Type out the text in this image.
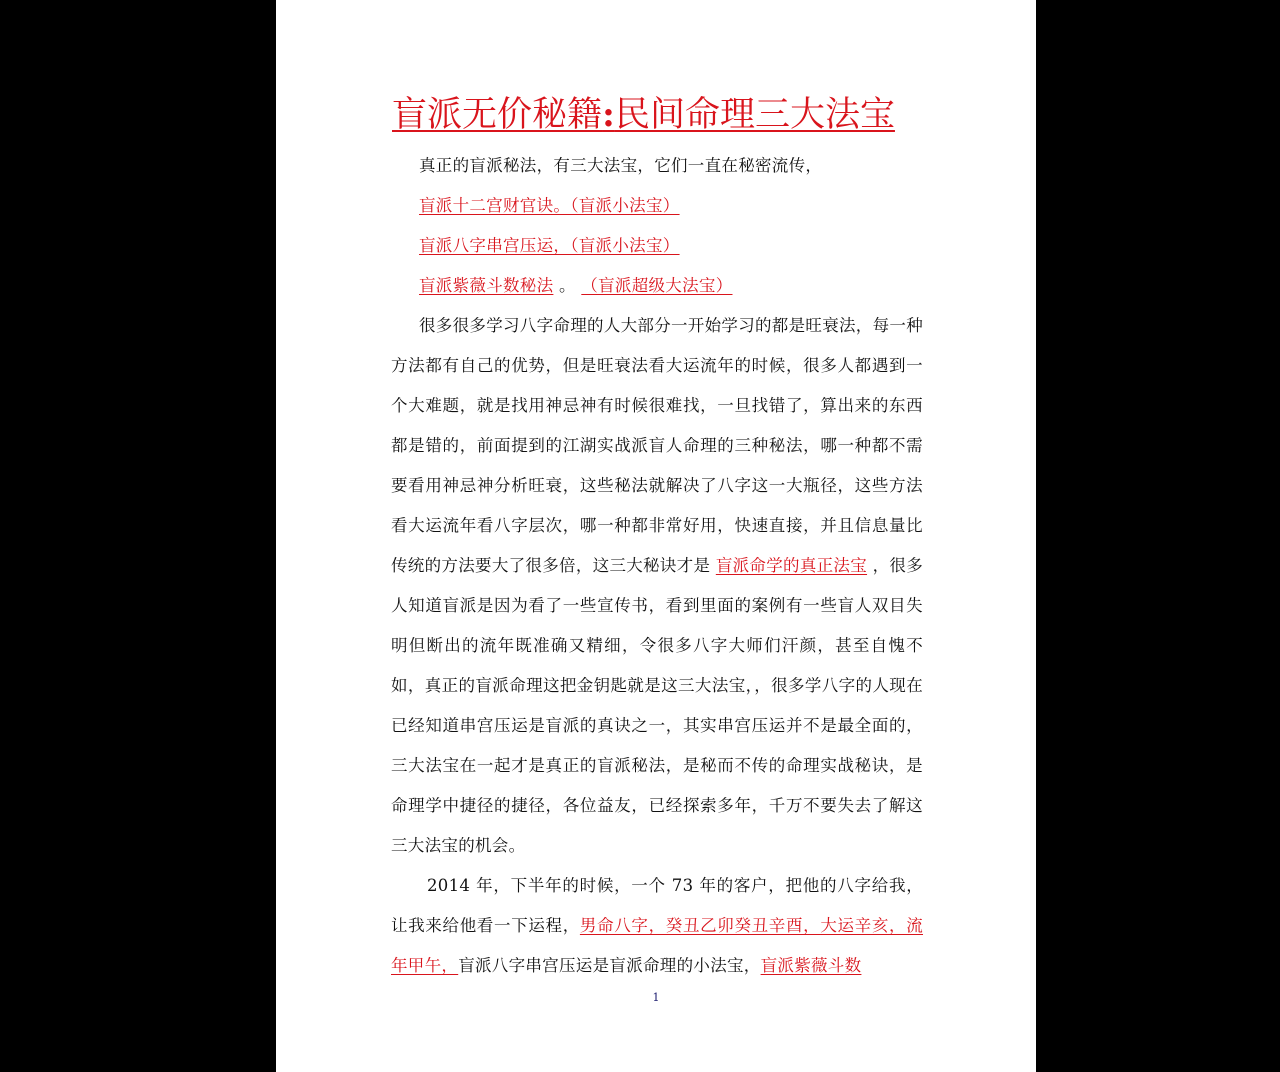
盲派无价秘籍:民间命理三大法宝

真正的盲派秘法，有三大法宝，它们一直在秘密流传，

盲派十二宫财官诀。（盲派小法宝）

盲派八字串宫压运，（盲派小法宝）

盲派紫薇斗数秘法 。 （盲派超级大法宝）

很多很多学习八字命理的人大部分一开始学习的都是旺衰法，每一种方法都有自己的优势，但是旺衰法看大运流年的时候，很多人都遇到一个大难题，就是找用神忌神有时候很难找，一旦找错了，算出来的东西都是错的，前面提到的江湖实战派盲人命理的三种秘法，哪一种都不需要看用神忌神分析旺衰，这些秘法就解决了八字这一大瓶径，这些方法看大运流年看八字层次，哪一种都非常好用，快速直接，并且信息量比传统的方法要大了很多倍，这三大秘诀才是 盲派命学的真正法宝 ，很多人知道盲派是因为看了一些宣传书，看到里面的案例有一些盲人双目失明但断出的流年既准确又精细，令很多八字大师们汗颜，甚至自愧不如，真正的盲派命理这把金钥匙就是这三大法宝，，很多学八字的人现在已经知道串宫压运是盲派的真诀之一，其实串宫压运并不是最全面的，三大法宝在一起才是真正的盲派秘法，是秘而不传的命理实战秘诀，是命理学中捷径的捷径，各位益友，已经探索多年，千万不要失去了解这三大法宝的机会。

2014 年，下半年的时候，一个 73 年的客户，把他的八字给我，让我来给他看一下运程，男命八字，癸丑乙卯癸丑辛酉，大运辛亥，流年甲午，盲派八字串宫压运是盲派命理的小法宝，盲派紫薇斗数

1
